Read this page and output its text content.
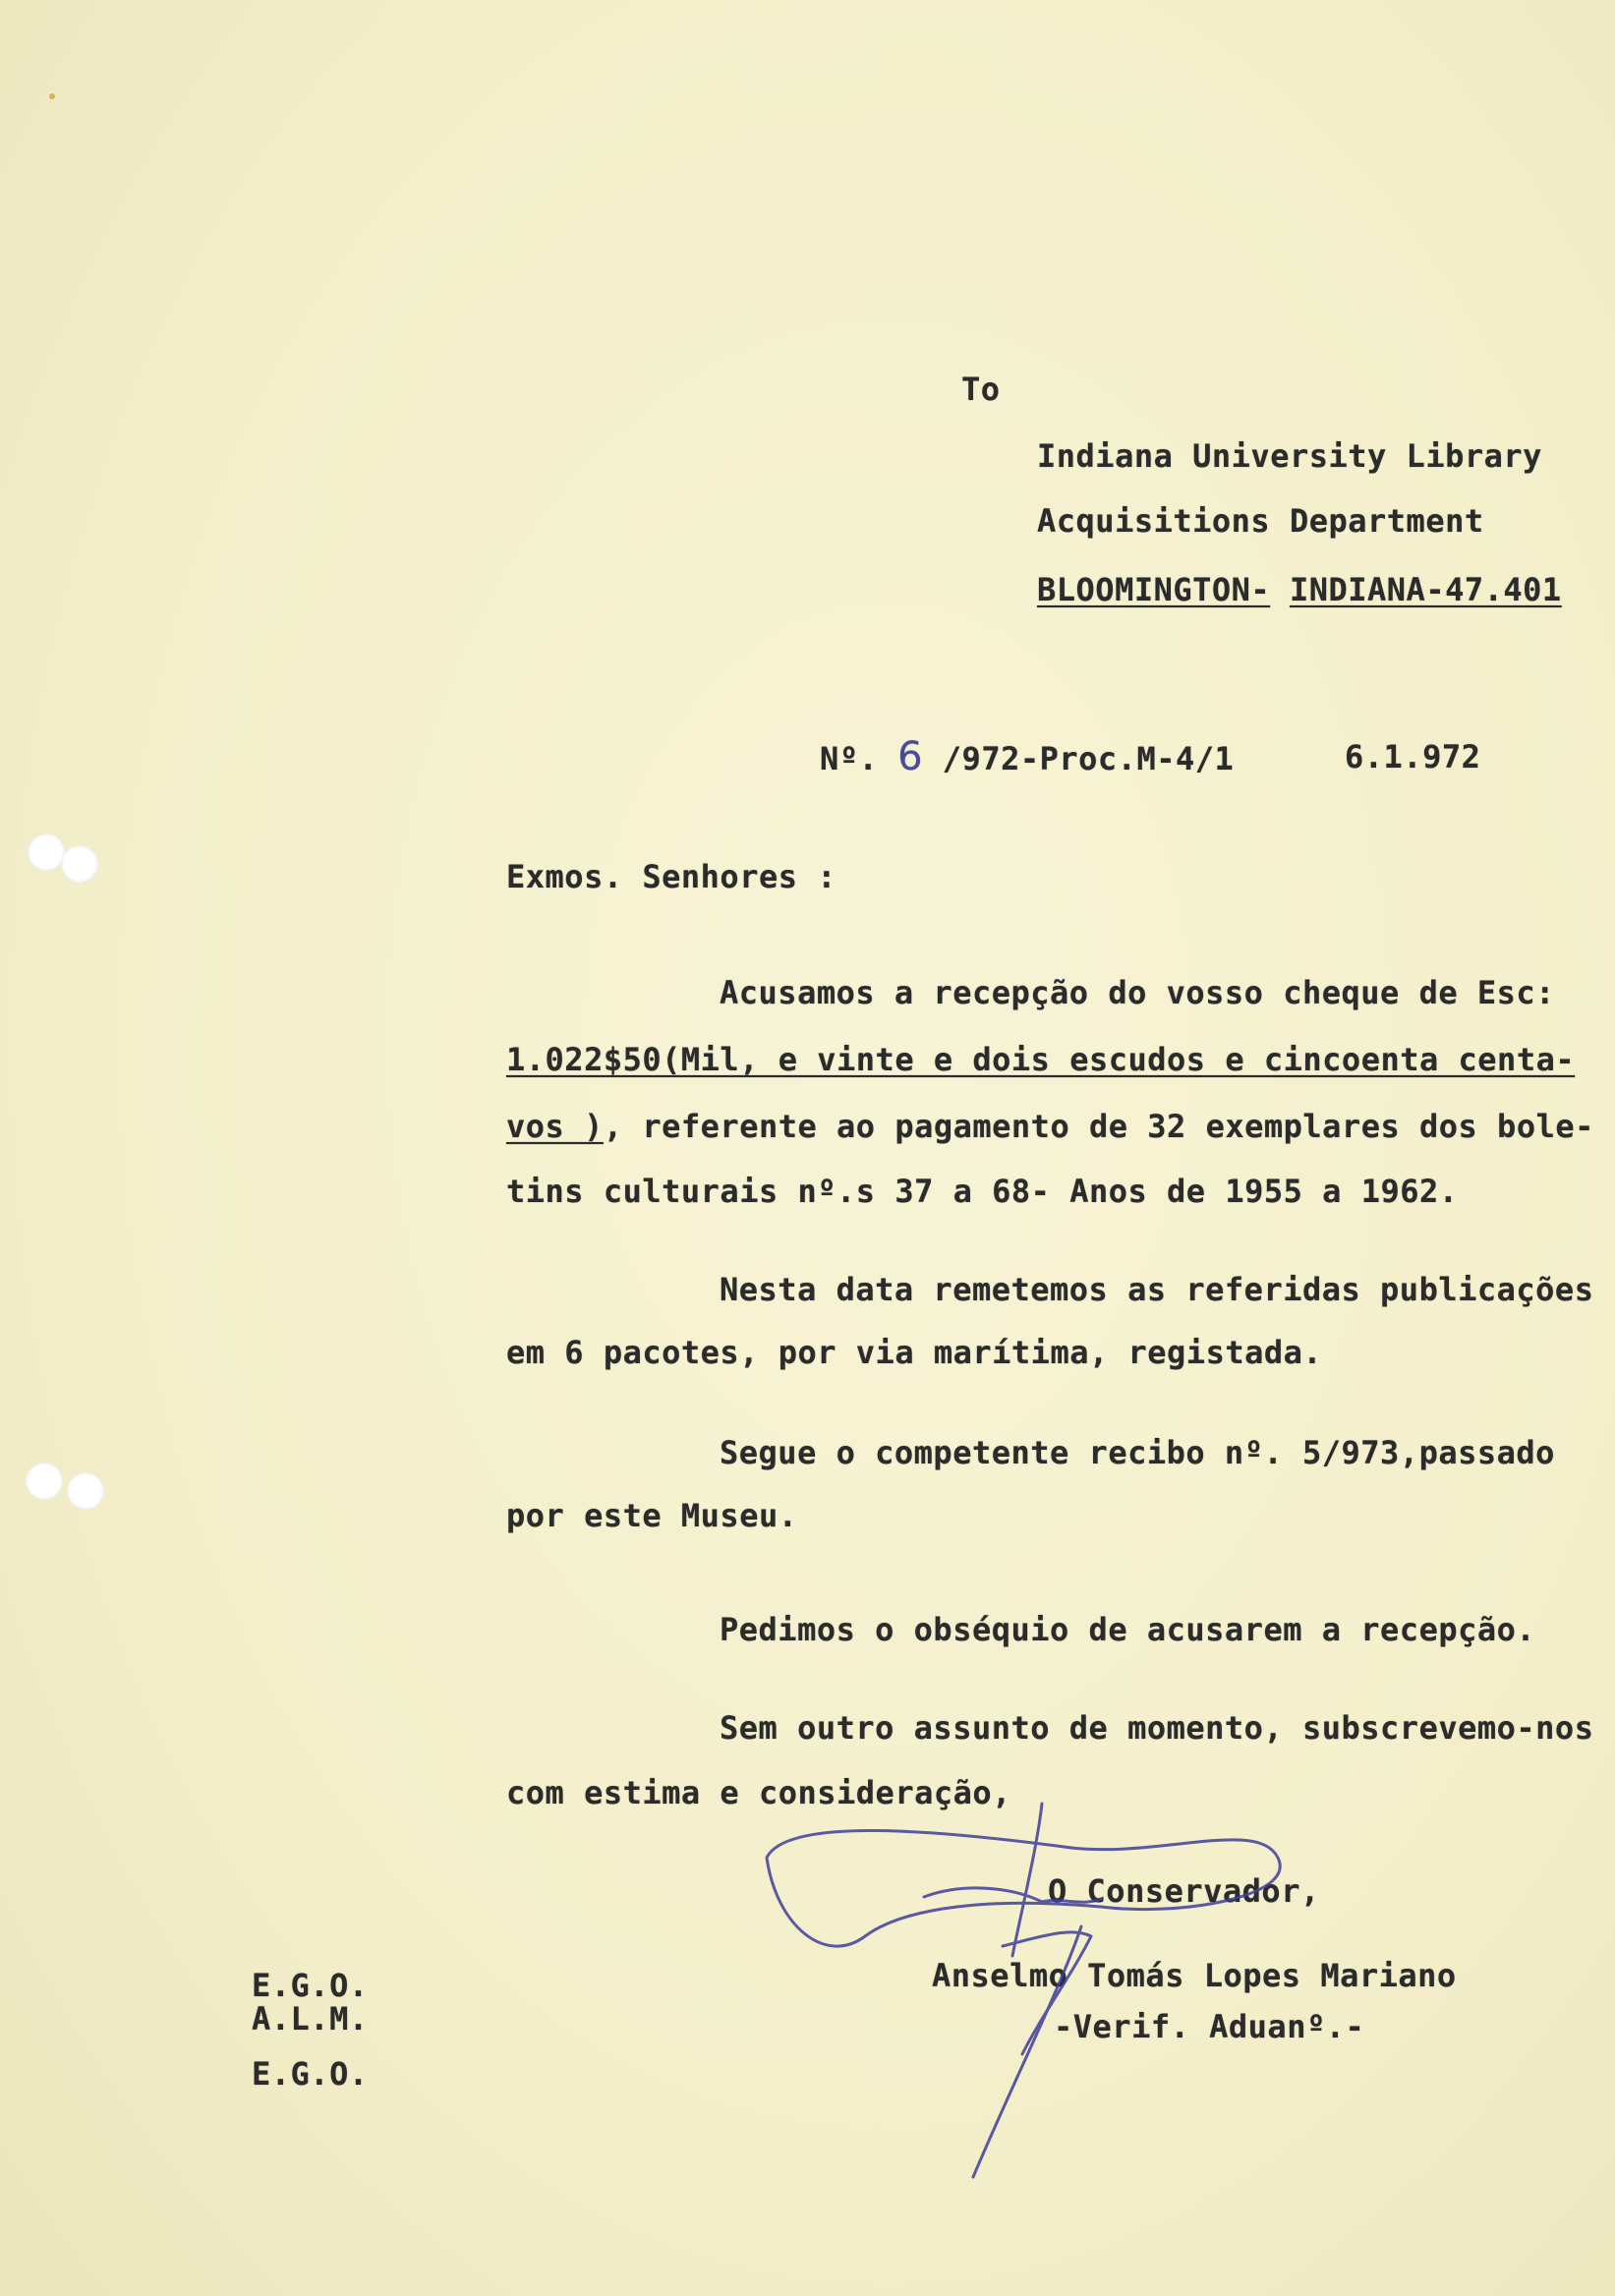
To
Indiana University Library
Acquisitions Department
BLOOMINGTON- INDIANA-47.401
Nº. 6 /972-Proc.M-4/1	6.1.972
Exmos. Senhores :
Acusamos a recepção do vosso cheque de Esc:
1.022$50(Mil, e vinte e dois escudos e cincoenta centa-
vos ), referente ao pagamento de 32 exemplares dos bole-
tins culturais nº.s 37 a 68- Anos de 1955 a 1962.
Nesta data remetemos as referidas publicações
em 6 pacotes, por via marítima, registada.
Segue o competente recibo nº. 5/973,passado
por este Museu.
Pedimos o obséquio de acusarem a recepção.
Sem outro assunto de momento, subscrevemo-nos
com estima e consideração,
O Conservador,
Anselmo Tomás Lopes Mariano
-Verif. Aduanº.-
E.G.O.
A.L.M.
E.G.O.
